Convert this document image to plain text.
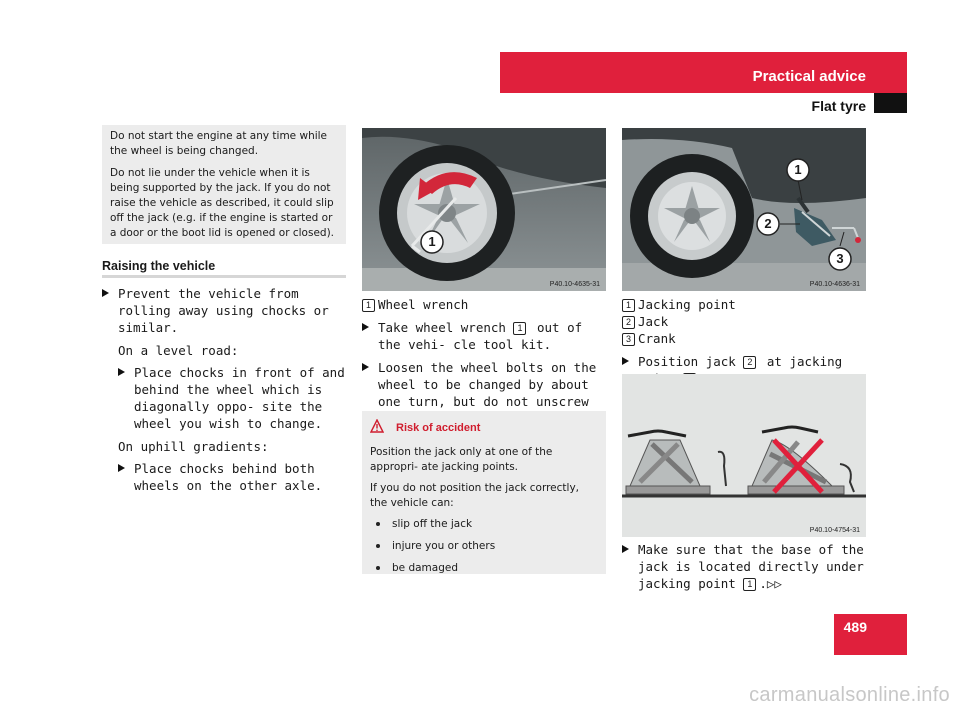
Practical advice
Flat tyre

Do not start the engine at any time while the wheel is being changed.

Do not lie under the vehicle when it is being supported by the jack. If you do not raise the vehicle as described, it could slip off the jack (e.g. if the engine is started or a door or the boot lid is opened or closed).

Raising the vehicle
Prevent the vehicle from rolling away using chocks or similar.
On a level road:
Place chocks in front of and behind the wheel which is diagonally oppo- site the wheel you wish to change.
On uphill gradients:
Place chocks behind both wheels on the other axle.
1
P40.10-4635-31
1 Wheel wrench
Take wheel wrench 1 out of the vehi- cle tool kit.
Loosen the wheel bolts on the wheel to be changed by about one turn, but do not unscrew
Risk of accident

Position the jack only at one of the appropri- ate jacking points.

If you do not position the jack correctly, the vehicle can:

slip off the jack
injure you or others
be damaged
1
2
3
P40.10-4636-31
1 Jacking point
2 Jack
3 Crank
Position jack 2 at jacking
P40.10-4754-31
Make sure that the base of the jack is located directly under jacking point 1 .▷▷
489
carmanualsonline.info
